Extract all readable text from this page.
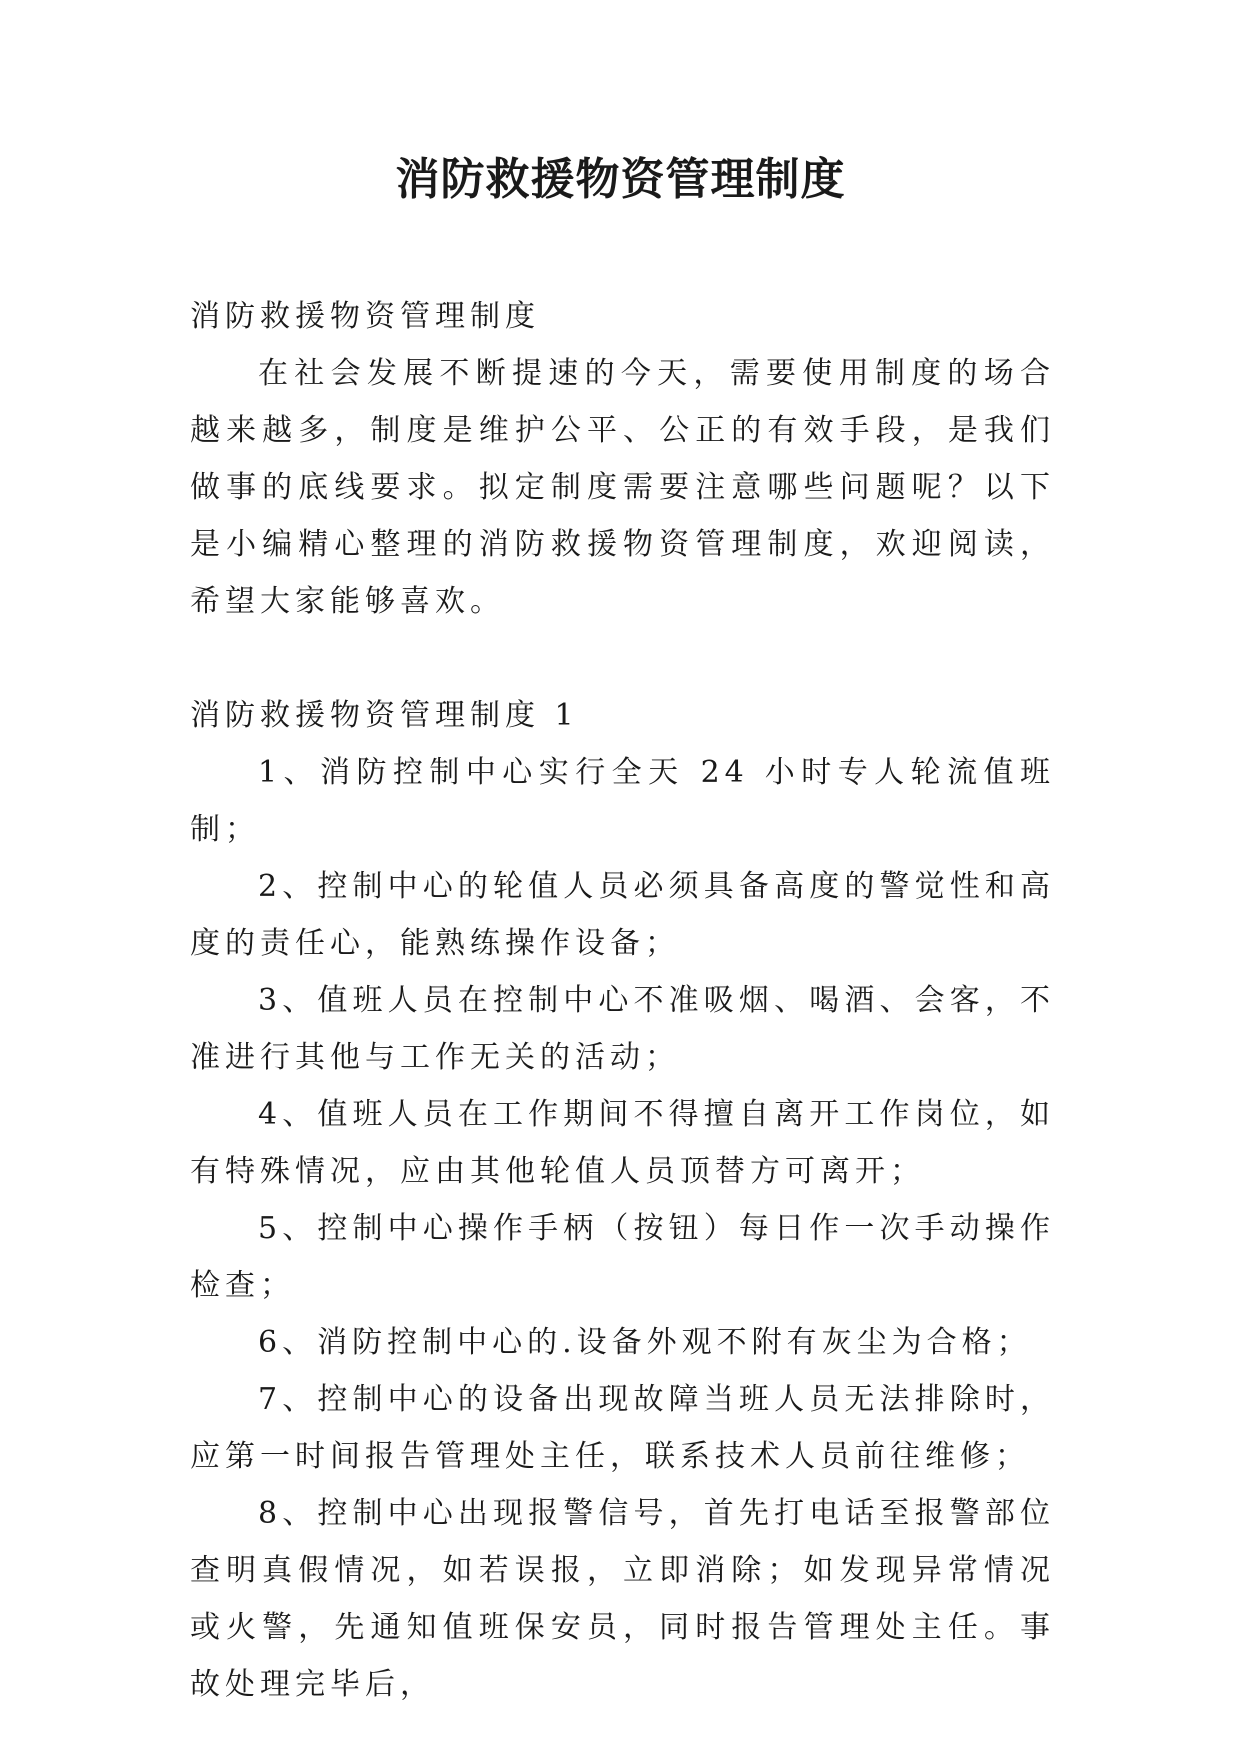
消防救援物资管理制度

消防救援物资管理制度

在社会发展不断提速的今天，需要使用制度的场合越来越多，制度是维护公平、公正的有效手段，是我们做事的底线要求。拟定制度需要注意哪些问题呢？以下是小编精心整理的消防救援物资管理制度，欢迎阅读，希望大家能够喜欢。

消防救援物资管理制度 1

1、消防控制中心实行全天 24 小时专人轮流值班制；

2、控制中心的轮值人员必须具备高度的警觉性和高度的责任心，能熟练操作设备；

3、值班人员在控制中心不准吸烟、喝酒、会客，不准进行其他与工作无关的活动；

4、值班人员在工作期间不得擅自离开工作岗位，如有特殊情况，应由其他轮值人员顶替方可离开；

5、控制中心操作手柄（按钮）每日作一次手动操作检查；

6、消防控制中心的.设备外观不附有灰尘为合格；

7、控制中心的设备出现故障当班人员无法排除时，应第一时间报告管理处主任，联系技术人员前往维修；

8、控制中心出现报警信号，首先打电话至报警部位查明真假情况，如若误报，立即消除；如发现异常情况或火警，先通知值班保安员，同时报告管理处主任。事故处理完毕后，
